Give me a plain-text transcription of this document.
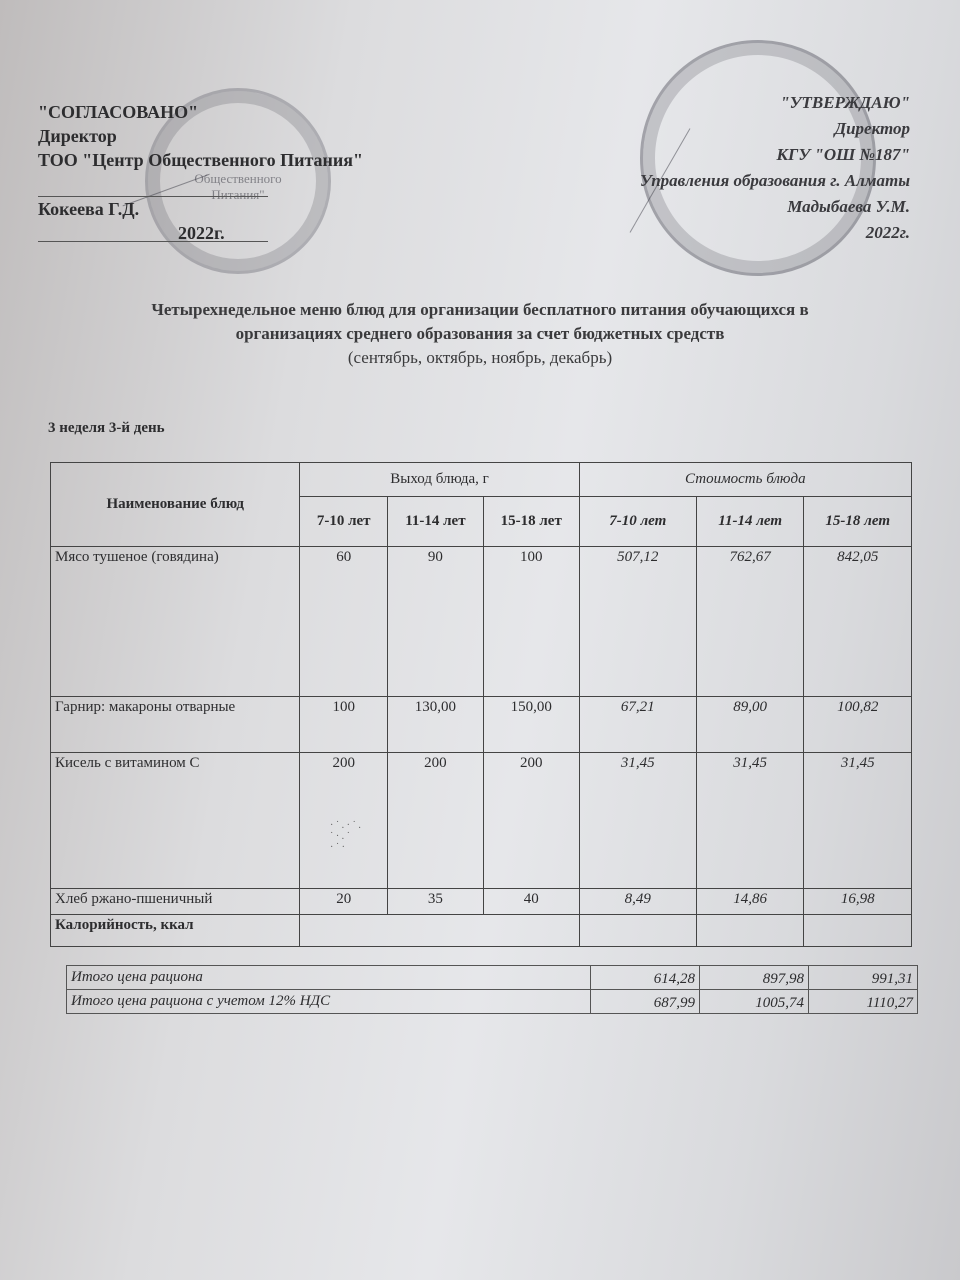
Общественного Питания"
"СОГЛАСОВАНО"
Директор
ТОО "Центр Общественного Питания"
Кокеева Г.Д.
2022г.
"УТВЕРЖДАЮ"
Директор
КГУ "ОШ №187"
Управления образования г. Алматы
Мадыбаева У.М.
2022г.
Четырехнедельное меню блюд для организации бесплатного питания обучающихся в
организациях среднего образования за счет бюджетных средств
(сентябрь, октябрь, ноябрь, декабрь)
3 неделя 3-й день
Наименование блюд	Выход блюда, г			Стоимость блюда		
	7-10 лет	11-14 лет	15-18 лет	7-10 лет	11-14 лет	15-18 лет
Мясо тушеное (говядина)	60	90	100	507,12	762,67	842,05
Гарнир: макароны отварные	100	130,00	150,00	67,21	89,00	100,82
Кисель с витамином С	200	200	200	31,45	31,45	31,45
Хлеб ржано-пшеничный	20	35	40	8,49	14,86	16,98
Калорийность, ккал						
· ˙ . · ˙ .
˙ · . ˙
· ˙ ·
Итого цена рациона	614,28	897,98	991,31
Итого цена рациона с учетом 12% НДС	687,99	1005,74	1110,27
